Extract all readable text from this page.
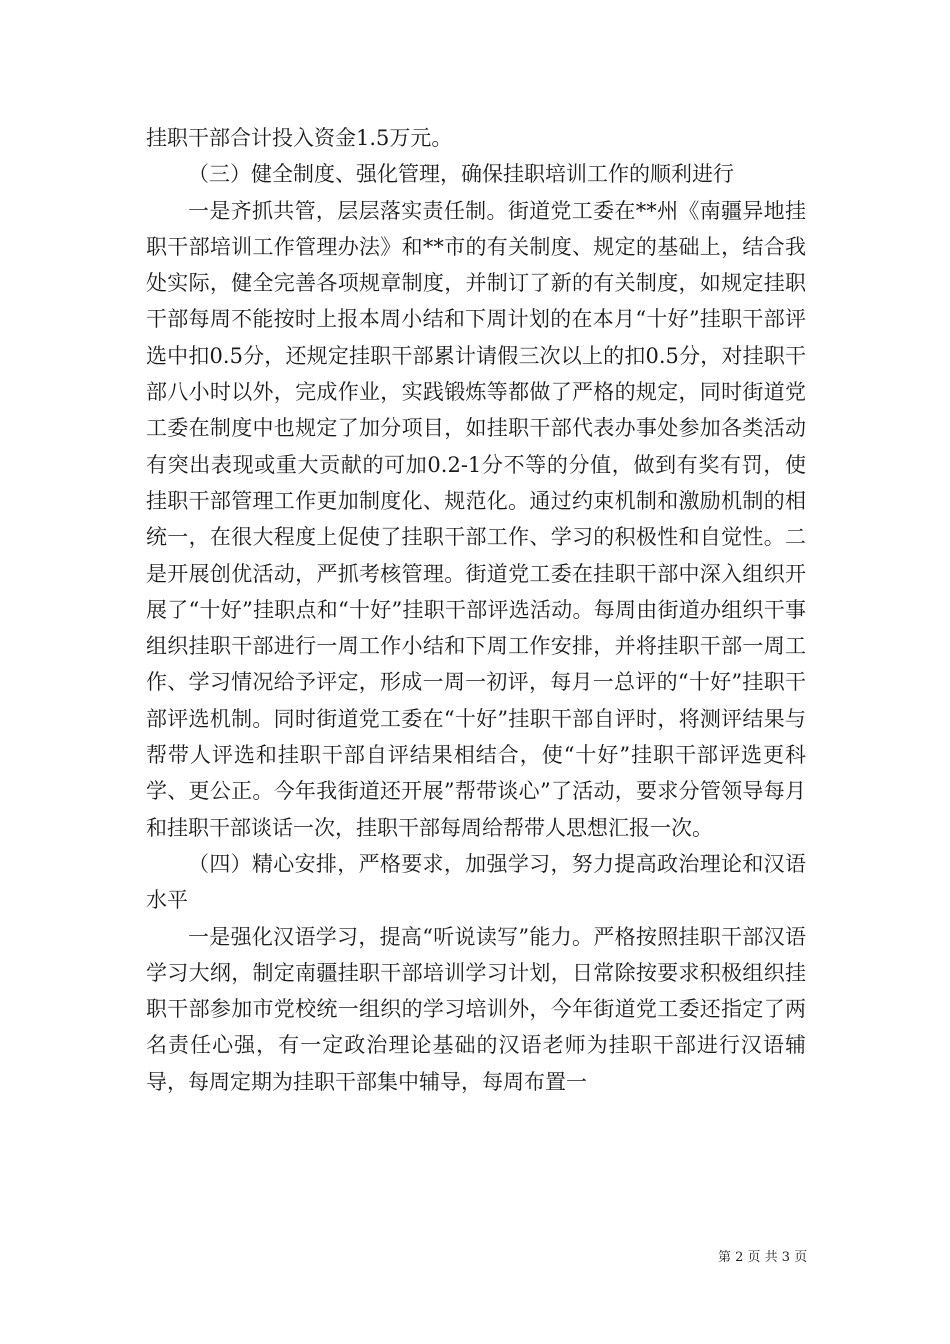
挂职干部合计投入资金1.5万元。

（三）健全制度、强化管理，确保挂职培训工作的顺利进行

一是齐抓共管，层层落实责任制。街道党工委在**州《南疆异地挂职干部培训工作管理办法》和**市的有关制度、规定的基础上，结合我处实际，健全完善各项规章制度，并制订了新的有关制度，如规定挂职干部每周不能按时上报本周小结和下周计划的在本月“十好”挂职干部评选中扣0.5分，还规定挂职干部累计请假三次以上的扣0.5分，对挂职干部八小时以外，完成作业，实践锻炼等都做了严格的规定，同时街道党工委在制度中也规定了加分项目，如挂职干部代表办事处参加各类活动有突出表现或重大贡献的可加0.2-1分不等的分值，做到有奖有罚，使挂职干部管理工作更加制度化、规范化。通过约束机制和激励机制的相统一，在很大程度上促使了挂职干部工作、学习的积极性和自觉性。二是开展创优活动，严抓考核管理。街道党工委在挂职干部中深入组织开展了“十好”挂职点和“十好”挂职干部评选活动。每周由街道办组织干事组织挂职干部进行一周工作小结和下周工作安排，并将挂职干部一周工作、学习情况给予评定，形成一周一初评，每月一总评的“十好”挂职干部评选机制。同时街道党工委在“十好”挂职干部自评时，将测评结果与帮带人评选和挂职干部自评结果相结合，使“十好”挂职干部评选更科学、更公正。今年我街道还开展”帮带谈心”了活动，要求分管领导每月和挂职干部谈话一次，挂职干部每周给帮带人思想汇报一次。

（四）精心安排，严格要求，加强学习，努力提高政治理论和汉语水平

一是强化汉语学习，提高“听说读写”能力。严格按照挂职干部汉语学习大纲，制定南疆挂职干部培训学习计划，日常除按要求积极组织挂职干部参加市党校统一组织的学习培训外，今年街道党工委还指定了两名责任心强，有一定政治理论基础的汉语老师为挂职干部进行汉语辅导，每周定期为挂职干部集中辅导，每周布置一

第 2 页 共 3 页
